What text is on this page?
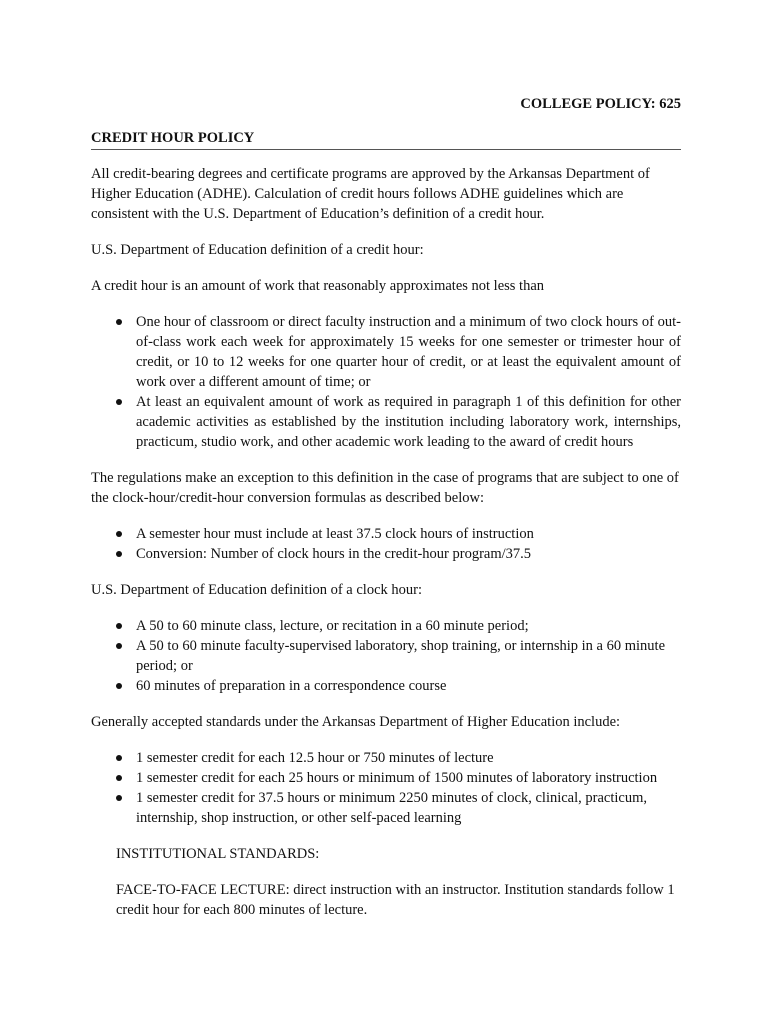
COLLEGE POLICY: 625
CREDIT HOUR POLICY

All credit-bearing degrees and certificate programs are approved by the Arkansas Department of Higher Education (ADHE). Calculation of credit hours follows ADHE guidelines which are consistent with the U.S. Department of Education’s definition of a credit hour.

U.S. Department of Education definition of a credit hour:

A credit hour is an amount of work that reasonably approximates not less than

One hour of classroom or direct faculty instruction and a minimum of two clock hours of out-of-class work each week for approximately 15 weeks for one semester or trimester hour of credit, or 10 to 12 weeks for one quarter hour of credit, or at least the equivalent amount of work over a different amount of time; or
At least an equivalent amount of work as required in paragraph 1 of this definition for other academic activities as established by the institution including laboratory work, internships, practicum, studio work, and other academic work leading to the award of credit hours

The regulations make an exception to this definition in the case of programs that are subject to one of the clock-hour/credit-hour conversion formulas as described below:

A semester hour must include at least 37.5 clock hours of instruction
Conversion: Number of clock hours in the credit-hour program/37.5

U.S. Department of Education definition of a clock hour:

A 50 to 60 minute class, lecture, or recitation in a 60 minute period;
A 50 to 60 minute faculty-supervised laboratory, shop training, or internship in a 60 minute period; or
60 minutes of preparation in a correspondence course

Generally accepted standards under the Arkansas Department of Higher Education include:

1 semester credit for each 12.5 hour or 750 minutes of lecture
1 semester credit for each 25 hours or minimum of 1500 minutes of laboratory instruction
1 semester credit for 37.5 hours or minimum 2250 minutes of clock, clinical, practicum, internship, shop instruction, or other self-paced learning

INSTITUTIONAL STANDARDS:

FACE-TO-FACE LECTURE: direct instruction with an instructor. Institution standards follow 1 credit hour for each 800 minutes of lecture.
